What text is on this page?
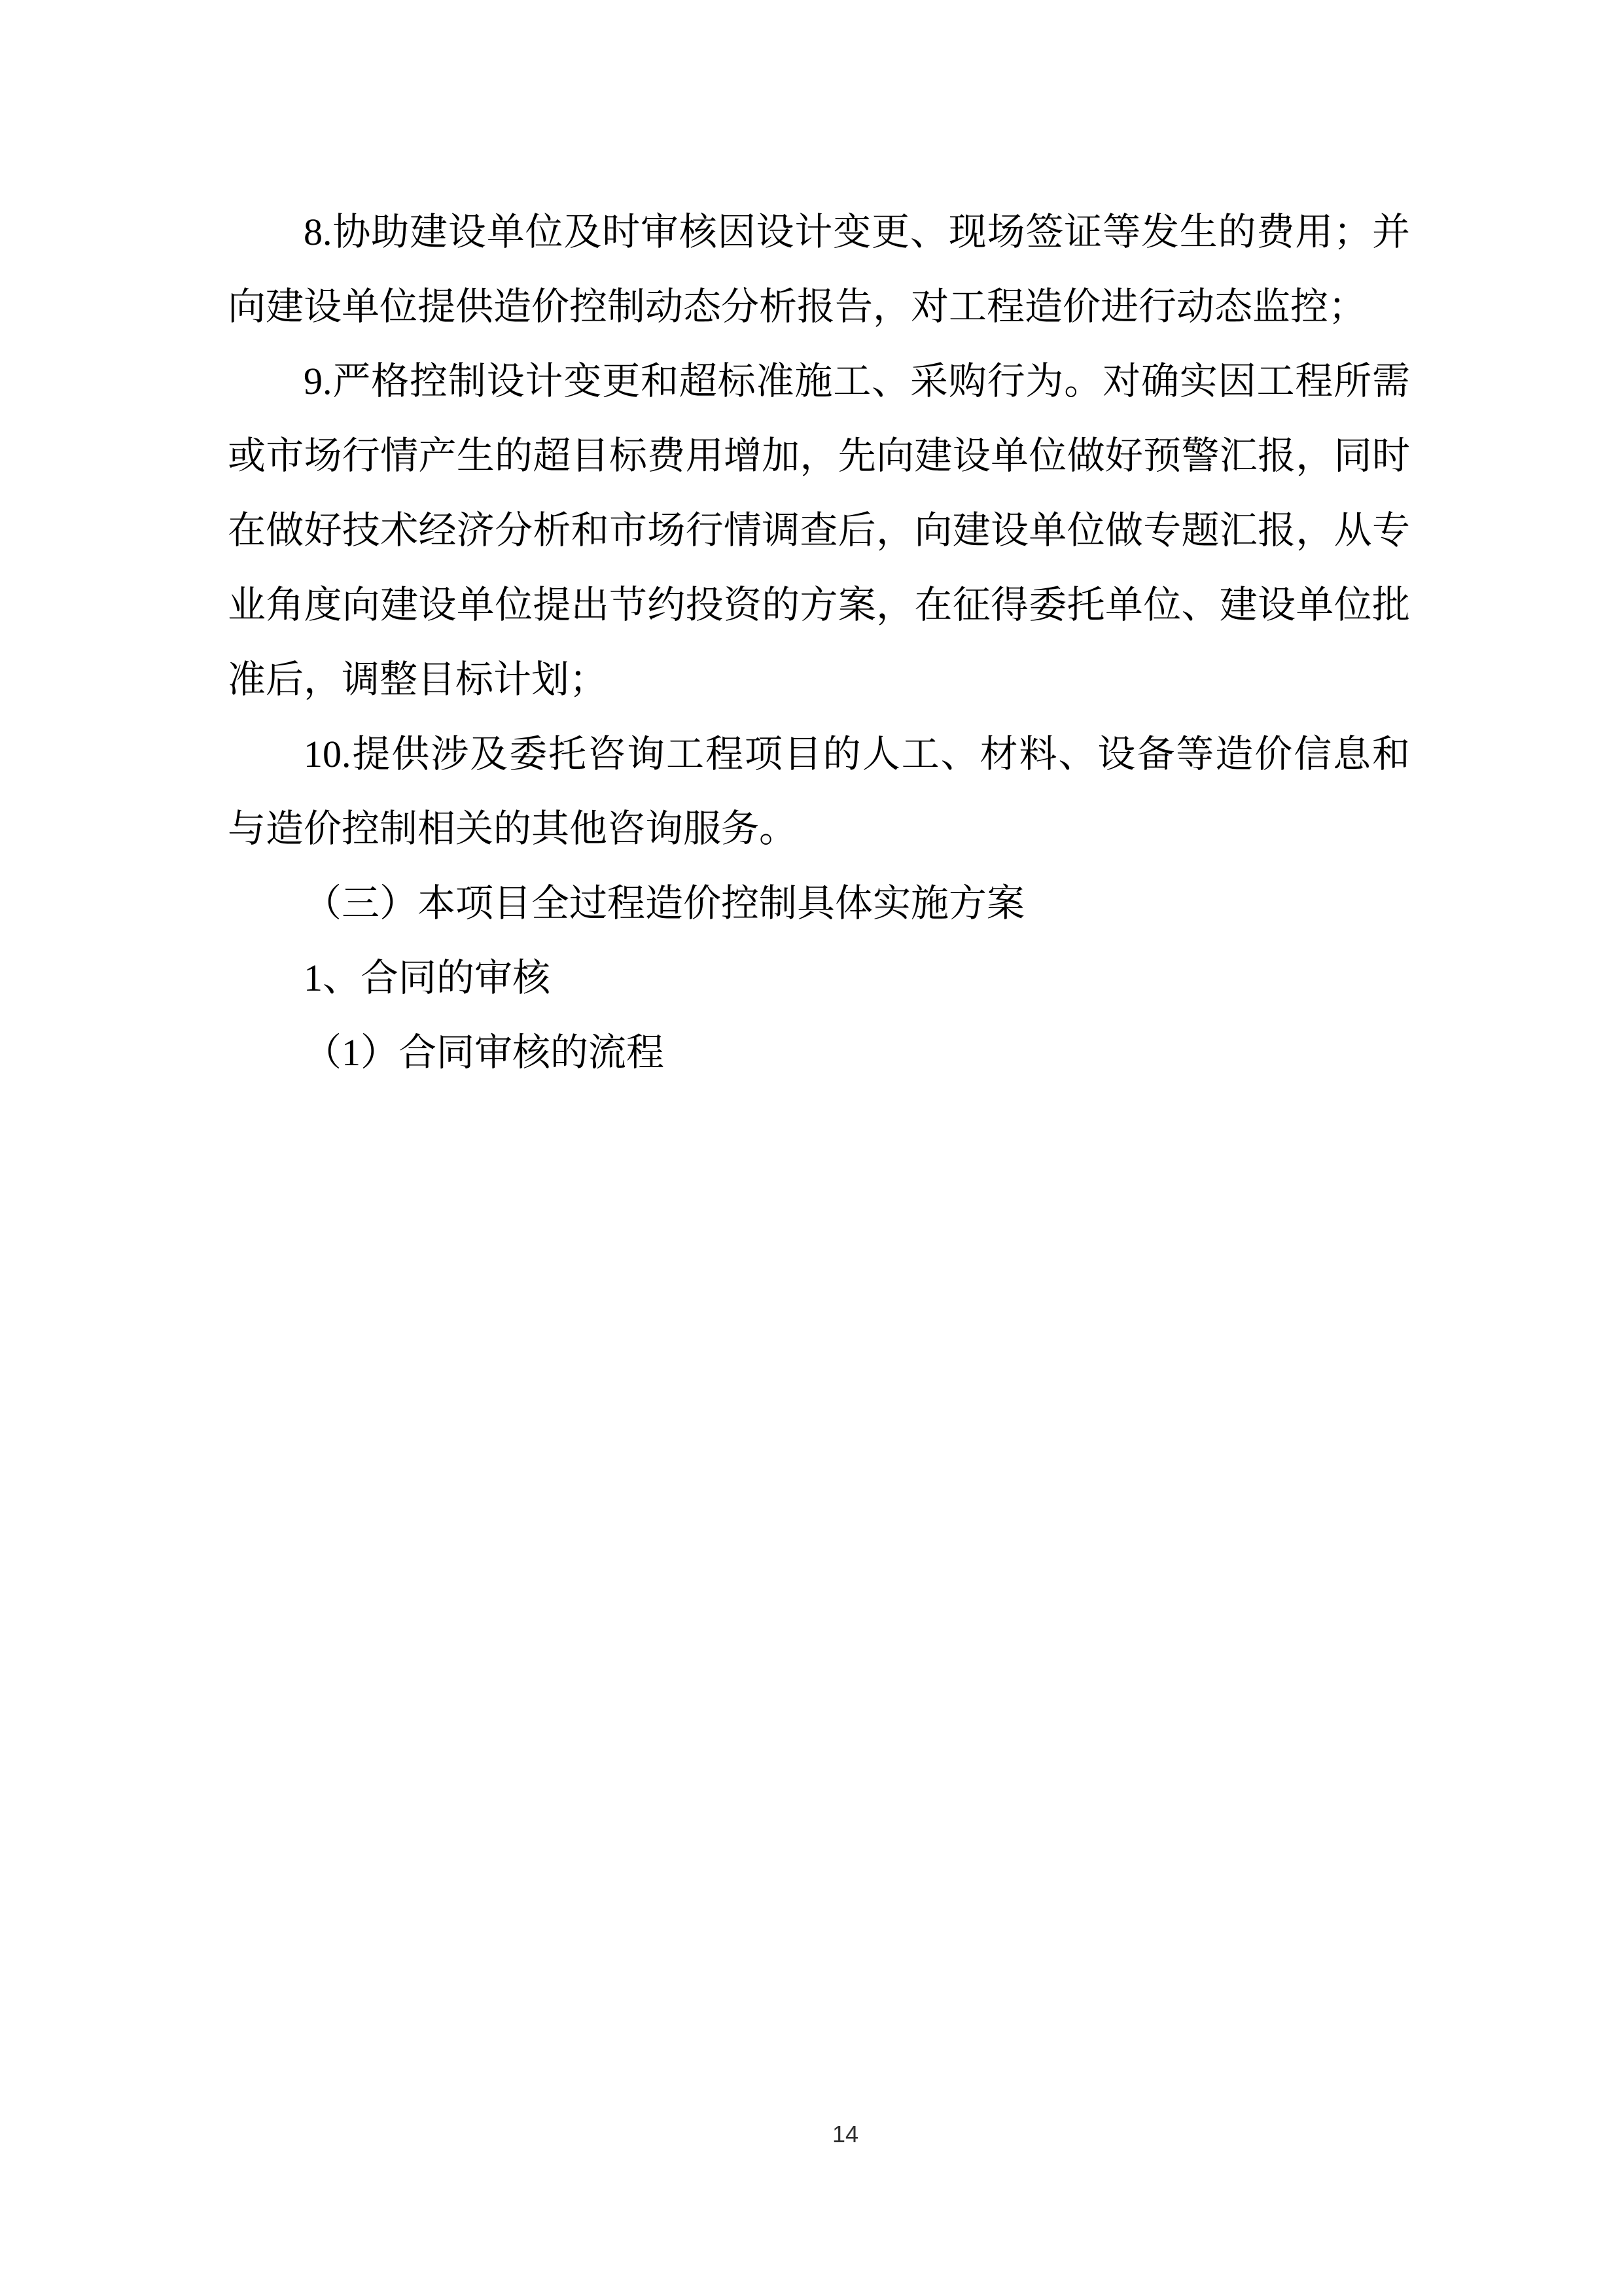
8.协助建设单位及时审核因设计变更、现场签证等发生的费用；并向建设单位提供造价控制动态分析报告，对工程造价进行动态监控；

9.严格控制设计变更和超标准施工、采购行为。对确实因工程所需或市场行情产生的超目标费用增加，先向建设单位做好预警汇报，同时在做好技术经济分析和市场行情调查后，向建设单位做专题汇报，从专业角度向建设单位提出节约投资的方案，在征得委托单位、建设单位批准后，调整目标计划；

10.提供涉及委托咨询工程项目的人工、材料、设备等造价信息和与造价控制相关的其他咨询服务。

（三）本项目全过程造价控制具体实施方案

1、合同的审核

（1）合同审核的流程

14
